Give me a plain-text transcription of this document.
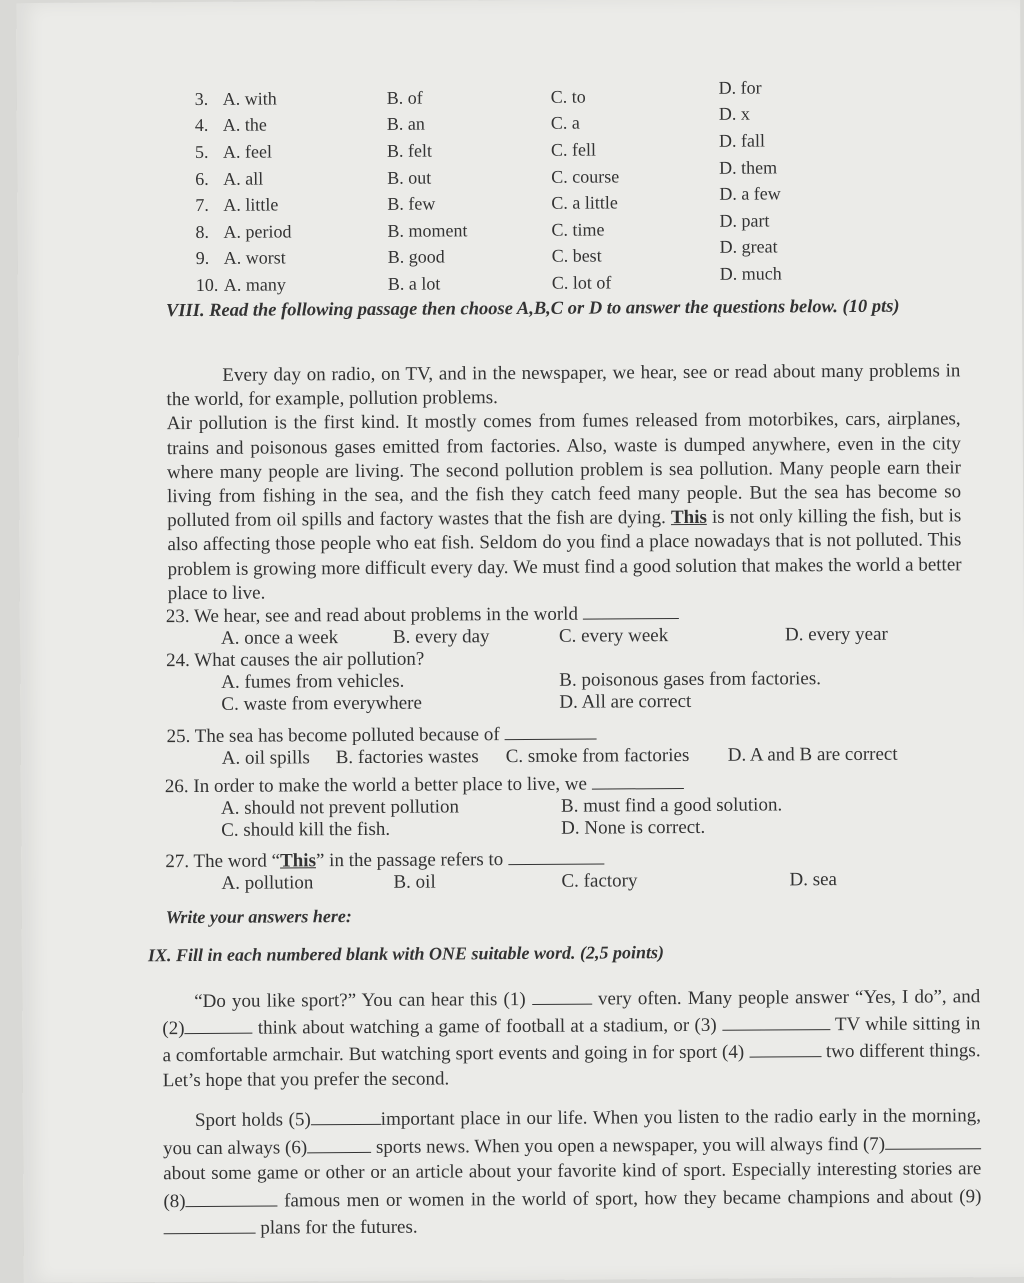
3. A. with	B. of	C. to	D. for
4. A. the	B. an	C. a	D. x
5. A. feel	B. felt	C. fell	D. fall
6. A. all	B. out	C. course	D. them
7. A. little	B. few	C. a little	D. a few
8. A. period	B. moment	C. time	D. part
9. A. worst	B. good	C. best	D. great
10. A. many	B. a lot	C. lot of	D. much
VIII. Read the following passage then choose A,B,C or D to answer the questions below. (10 pts)
Every day on radio, on TV, and in the newspaper, we hear, see or read about many problems in the world, for example, pollution problems.
Air pollution is the first kind. It mostly comes from fumes released from motorbikes, cars, airplanes, trains and poisonous gases emitted from factories. Also, waste is dumped anywhere, even in the city where many people are living. The second pollution problem is sea pollution. Many people earn their living from fishing in the sea, and the fish they catch feed many people. But the sea has become so polluted from oil spills and factory wastes that the fish are dying. This is not only killing the fish, but is also affecting those people who eat fish. Seldom do you find a place nowadays that is not polluted. This problem is growing more difficult every day. We must find a good solution that makes the world a better place to live.
23. We hear, see and read about problems in the world
A. once a week	B. every day	C. every week	D. every year
24. What causes the air pollution?
A. fumes from vehicles.	B. poisonous gases from factories.
C. waste from everywhere	D. All are correct
25. The sea has become polluted because of
A. oil spills	B. factories wastes	C. smoke from factories	D. A and B are correct
26. In order to make the world a better place to live, we
A. should not prevent pollution	B. must find a good solution.
C. should kill the fish.	D. None is correct.
27. The word “This” in the passage refers to
A. pollution	B. oil	C. factory	D. sea
Write your answers here:
IX. Fill in each numbered blank with ONE suitable word. (2,5 points)
“Do you like sport?” You can hear this (1)	very often. Many people answer “Yes, I do”, and (2)	think about watching a game of football at a stadium, or (3)	TV while sitting in a comfortable armchair. But watching sport events and going in for sport (4)	two different things. Let’s hope that you prefer the second.
Sport holds (5)	important place in our life. When you listen to the radio early in the morning, you can always (6)	sports news. When you open a newspaper, you will always find (7)about some game or other or an article about your favorite kind of sport. Especially interesting stories are (8)	famous men or women in the world of sport, how they became champions and about (9) plans for the futures.
